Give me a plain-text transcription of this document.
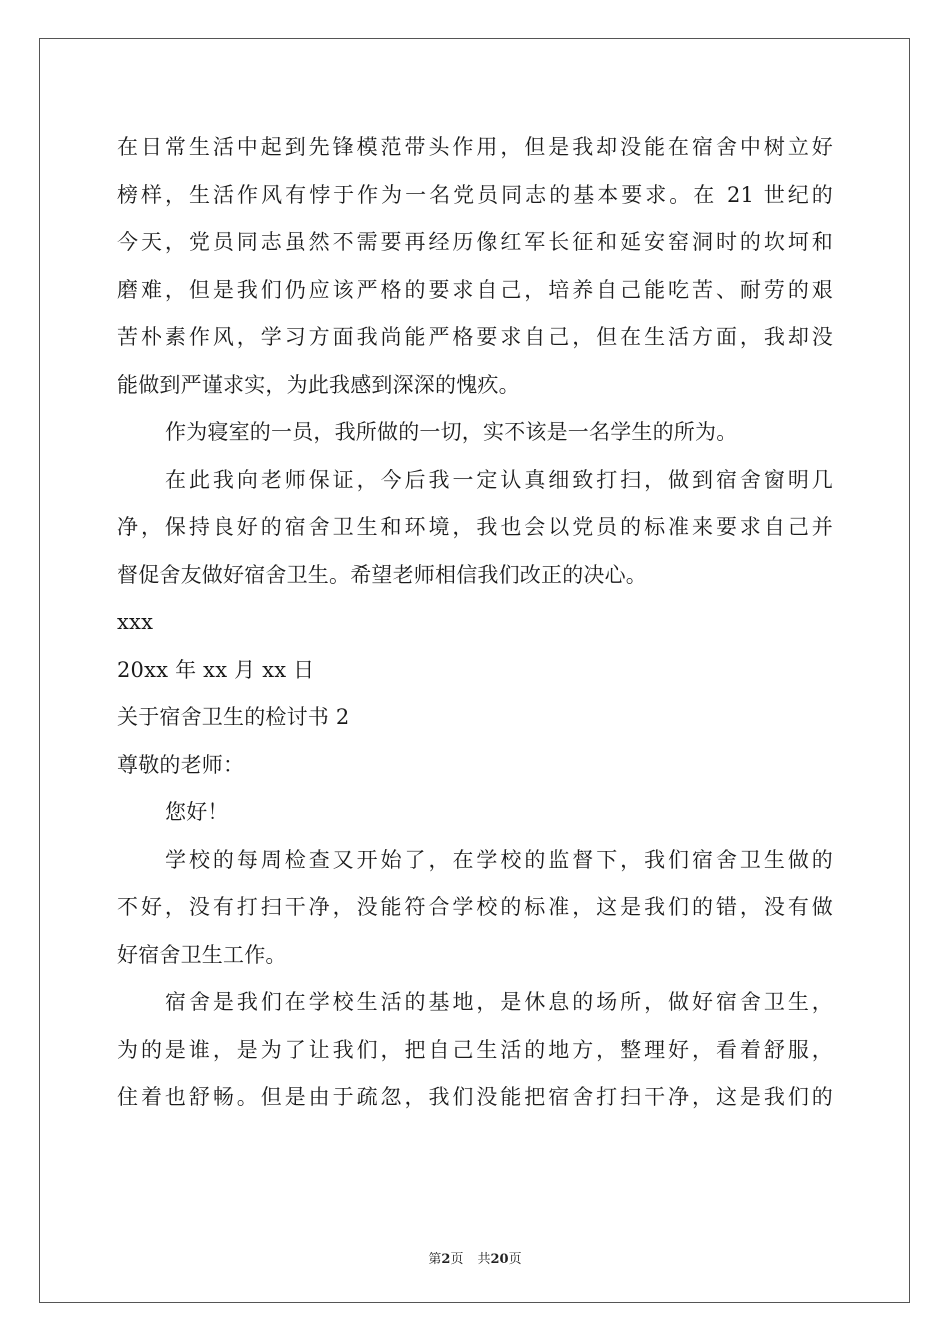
在日常生活中起到先锋模范带头作用，但是我却没能在宿舍中树立好
榜样，生活作风有悖于作为一名党员同志的基本要求。在 21 世纪的
今天，党员同志虽然不需要再经历像红军长征和延安窑洞时的坎坷和
磨难，但是我们仍应该严格的要求自己，培养自己能吃苦、耐劳的艰
苦朴素作风，学习方面我尚能严格要求自己，但在生活方面，我却没
能做到严谨求实，为此我感到深深的愧疚。
作为寝室的一员，我所做的一切，实不该是一名学生的所为。
在此我向老师保证，今后我一定认真细致打扫，做到宿舍窗明几
净，保持良好的宿舍卫生和环境，我也会以党员的标准来要求自己并
督促舍友做好宿舍卫生。希望老师相信我们改正的决心。
xxx
20xx 年 xx 月 xx 日
关于宿舍卫生的检讨书 2
尊敬的老师：
您好！
学校的每周检查又开始了，在学校的监督下，我们宿舍卫生做的
不好，没有打扫干净，没能符合学校的标准，这是我们的错，没有做
好宿舍卫生工作。
宿舍是我们在学校生活的基地，是休息的场所，做好宿舍卫生，
为的是谁，是为了让我们，把自己生活的地方，整理好，看着舒服，
住着也舒畅。但是由于疏忽，我们没能把宿舍打扫干净，这是我们的
第2页 共20页
